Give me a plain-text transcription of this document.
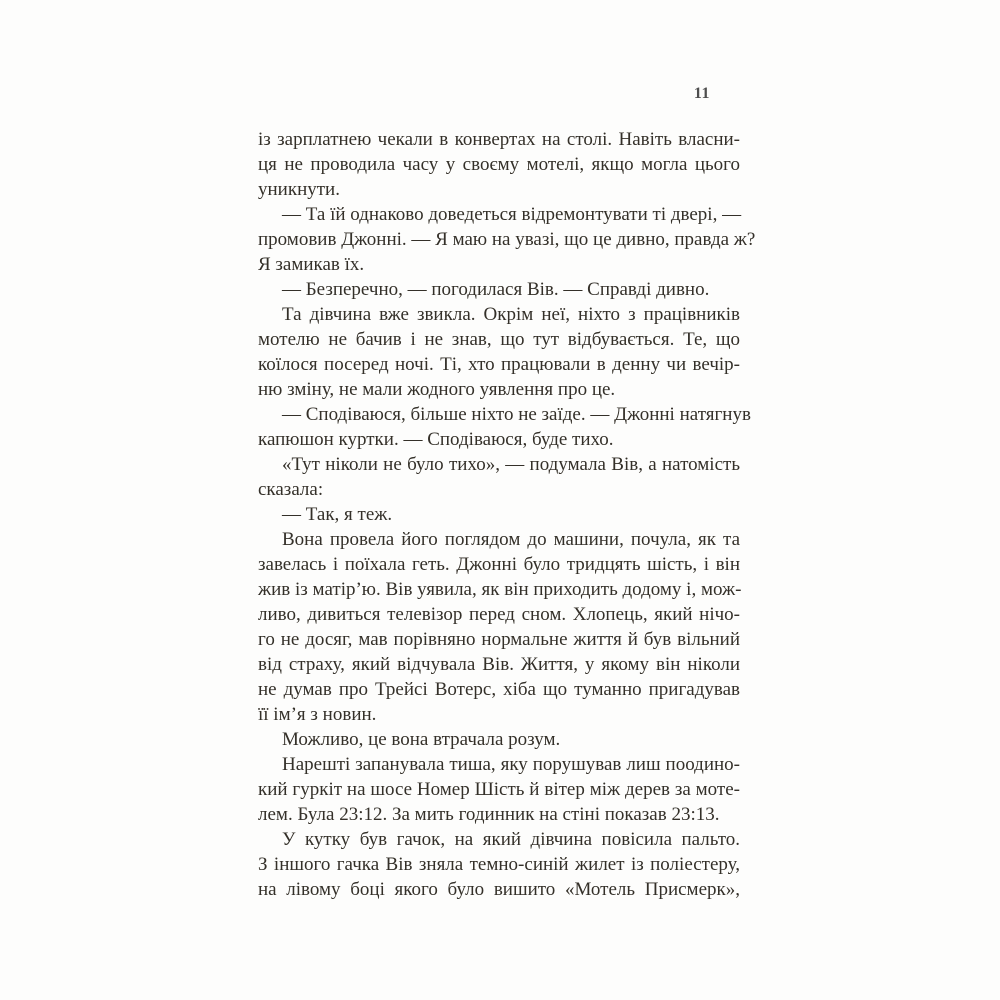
11

із зарплатнею чекали в конвертах на столі. Навіть власни-
ця не проводила часу у своєму мотелі, якщо могла цього
уникнути.

— Та їй однаково доведеться відремонтувати ті двері, —
промовив Джонні. — Я маю на увазі, що це дивно, правда ж?
Я замикав їх.

— Безперечно, — погодилася Вів. — Справді дивно.

Та дівчина вже звикла. Окрім неї, ніхто з працівників
мотелю не бачив і не знав, що тут відбувається. Те, що
коїлося посеред ночі. Ті, хто працювали в денну чи вечір-
ню зміну, не мали жодного уявлення про це.

— Сподіваюся, більше ніхто не заїде. — Джонні натягнув
капюшон куртки. — Сподіваюся, буде тихо.

«Тут ніколи не було тихо», — подумала Вів, а натомість
сказала:

— Так, я теж.

Вона провела його поглядом до машини, почула, як та
завелась і поїхала геть. Джонні було тридцять шість, і він
жив із матір’ю. Вів уявила, як він приходить додому і, мож-
ливо, дивиться телевізор перед сном. Хлопець, який нічо-
го не досяг, мав порівняно нормальне життя й був вільний
від страху, який відчувала Вів. Життя, у якому він ніколи
не думав про Трейсі Вотерс, хіба що туманно пригадував
її ім’я з новин.

Можливо, це вона втрачала розум.

Нарешті запанувала тиша, яку порушував лиш поодино-
кий гуркіт на шосе Номер Шість й вітер між дерев за моте-
лем. Була 23:12. За мить годинник на стіні показав 23:13.

У кутку був гачок, на який дівчина повісила пальто.
З іншого гачка Вів зняла темно-синій жилет із поліестеру,
на лівому боці якого було вишито «Мотель Присмерк»,
